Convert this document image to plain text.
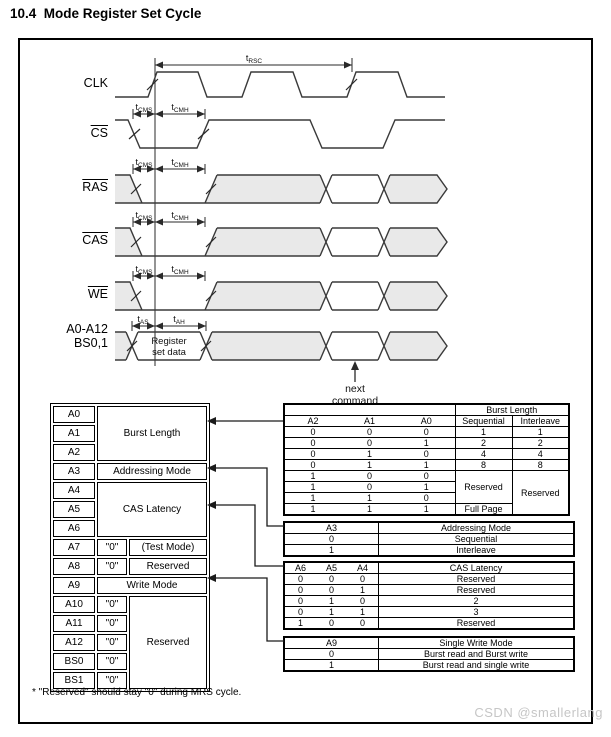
10.4  Mode Register Set Cycle
$t_{RSC}$
$t_{CMS}$ $t_{CMH}$
$t_{CMS}$ $t_{CMH}$
$t_{CMS}$ $t_{CMH}$
$t_{CMS}$ $t_{CMH}$
Register
set data
$t_{AS}$	$t_{AH}$
next
command
CLK
$\overline{CS}$
$\overline{RAS}$
$\overline{CAS}$
$\overline{WE}$
A0-A12
BS0,1
A0	Burst Length	
A1		
A2		
A3	Addressing Mode	
A4	CAS Latency	
A5		
A6		
A7	"0"	(Test Mode)
A8	"0"	Reserved
A9	Write Mode	
A10	"0"	Reserved
A11	"0"	
A12	"0"	
BS0	"0"	
BS1	"0"	
			Burst Length	
A2	A1	A0	Sequential	Interleave
0	0	0	1	1
0	0	1	2	2
0	1	0	4	4
0	1	1	8	8
1	0	0	Reserved	Reserved
1	0	1		
1	1	0		
1	1	1	Full Page	
A3	Addressing Mode
0	Sequential
1	Interleave
A6	A5	A4	CAS Latency
0	0	0	Reserved
0	0	1	Reserved
0	1	0	2
0	1	1	3
1	0	0	Reserved
A9	Single Write Mode
0	Burst read and Burst write
1	Burst read and single write
* "Reserved" should stay "0" during MRS cycle.
CSDN @smallerlang
